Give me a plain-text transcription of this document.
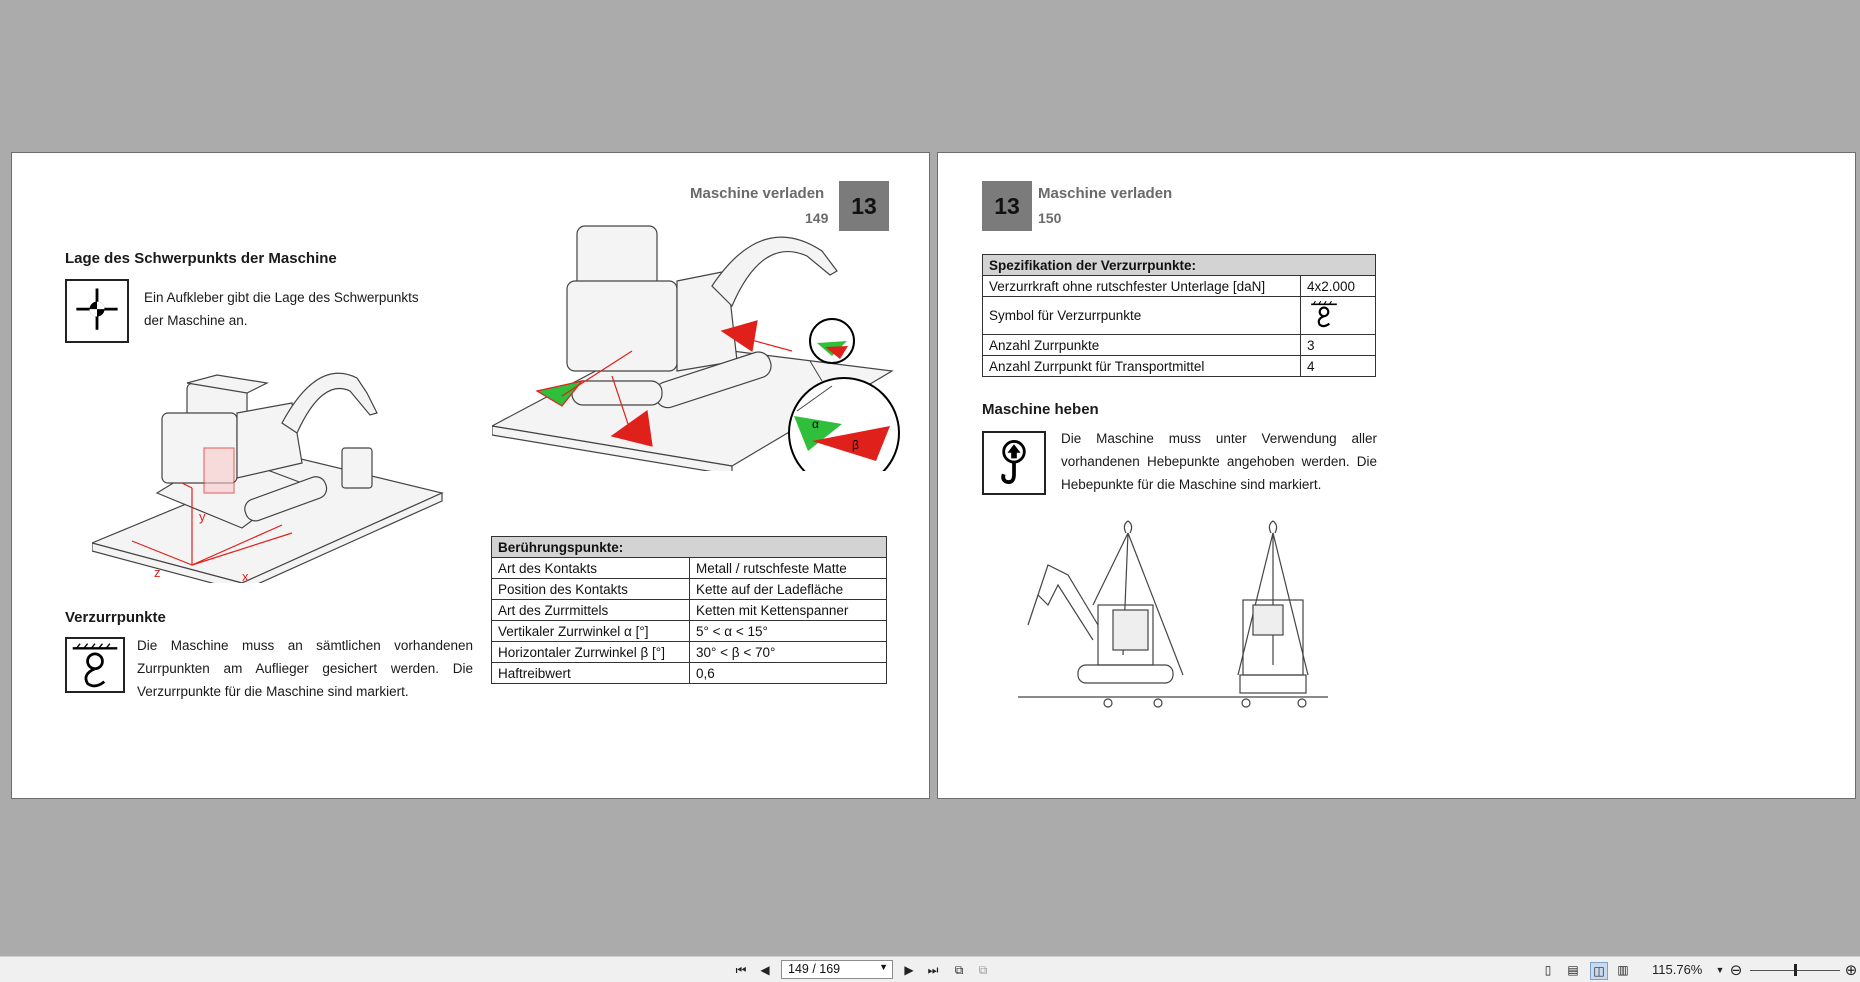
Maschine verladen
149 13
Lage des Schwerpunkts der Maschine
Ein Aufkleber gibt die Lage des Schwerpunkts
der Maschine an.
x
y
z
Verzurrpunkte
Die Maschine muss an sämtlichen vorhandenen Zurrpunkten am Auflieger gesichert werden. Die Verzurrpunkte für die Maschine sind markiert.
α
β
Berührungspunkte:	
Art des Kontakts	Metall / rutschfeste Matte
Position des Kontakts	Kette auf der Ladefläche
Art des Zurrmittels	Ketten mit Kettenspanner
Vertikaler Zurrwinkel α [°]	5° < α < 15°
Horizontaler Zurrwinkel β [°]	30° < β < 70°
Haftreibwert	0,6
13	Maschine verladen
150
Spezifikation der Verzurrpunkte:	
Verzurrkraft ohne rutschfester Unterlage [daN]	4x2.000
Symbol für Verzurrpunkte	
Anzahl Zurrpunkte	3
Anzahl Zurrpunkt für Transportmittel	4
Maschine heben
Die Maschine muss unter Verwendung aller vorhandenen Hebepunkte angehoben werden. Die Hebepunkte für die Maschine sind markiert.
⏮ ◀	149 / 169	▼ ▶ ⏭	⧉	⧉	▯	▤ ◫ ▥ 115.76%	▼ ⊖	⊕
